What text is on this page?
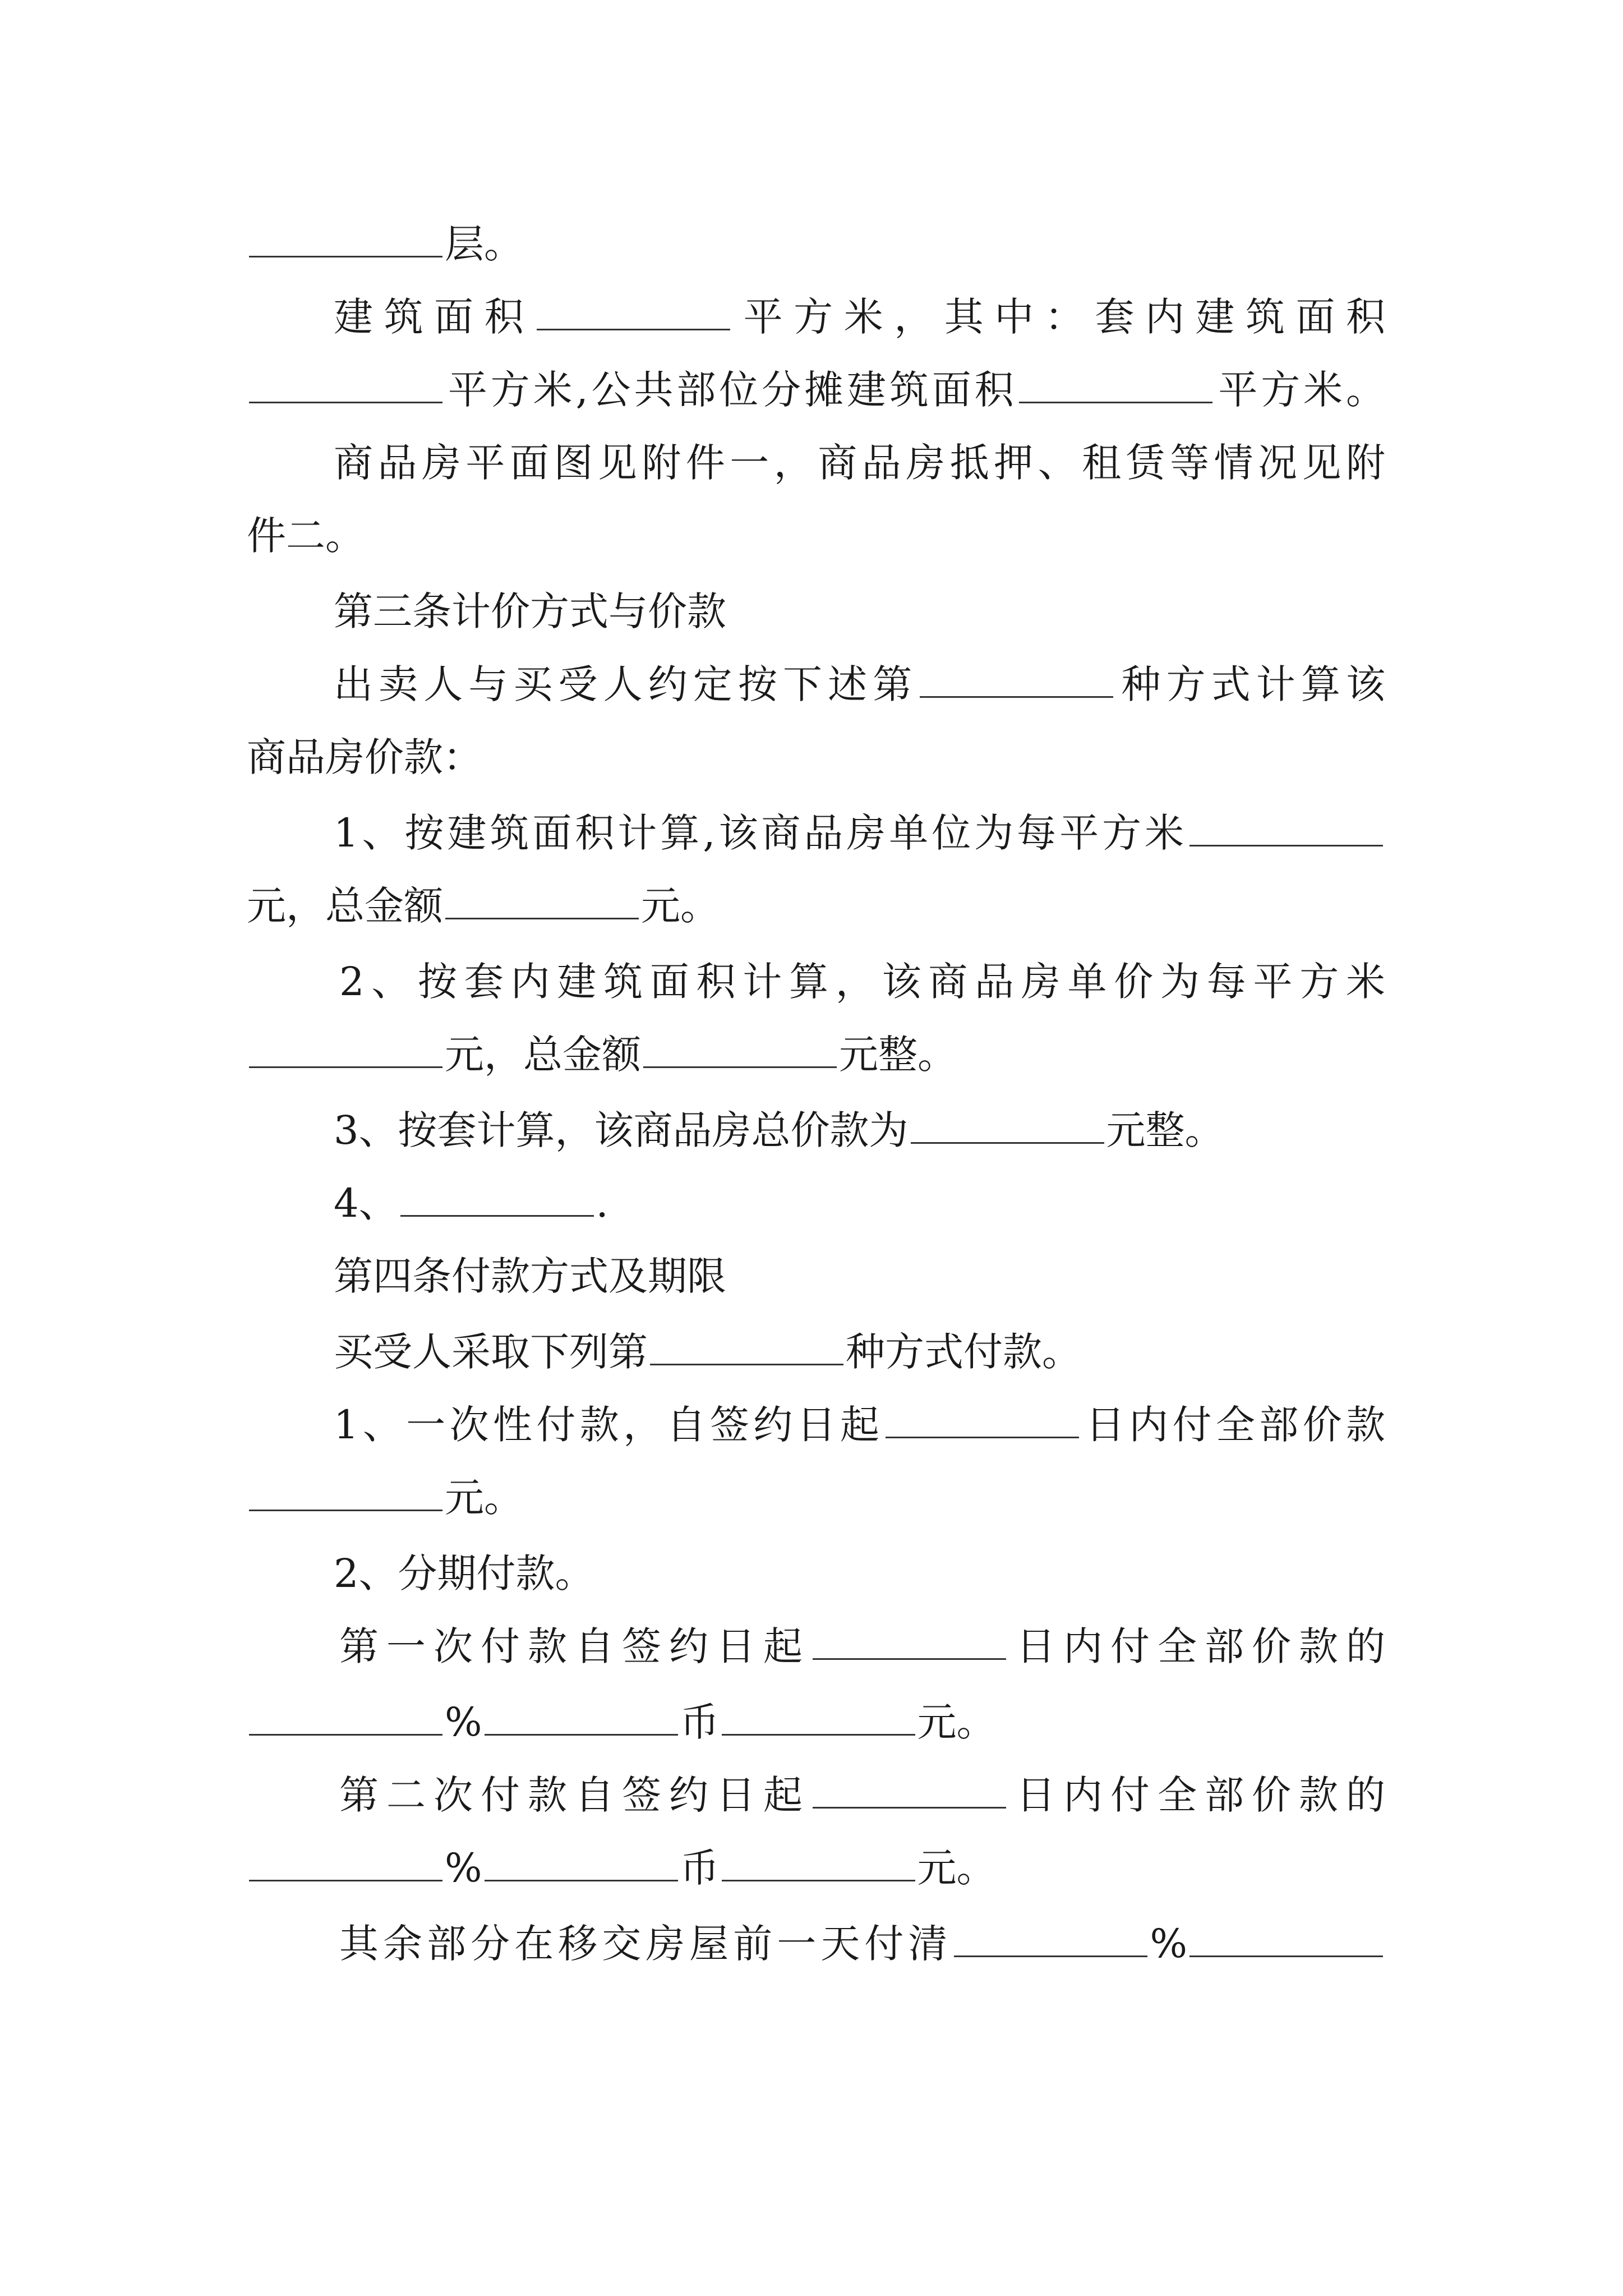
层。
建筑面积	平方米，其中：套内建筑面积
平方米,公共部位分摊建筑面积	平方米。
商品房平面图见附件一，商品房抵押、租赁等情况见附
件二。
第三条计价方式与价款
出卖人与买受人约定按下述第	种方式计算该
商品房价款：
1、按建筑面积计算,该商品房单位为每平方米
元，总金额	元。
2、按套内建筑面积计算，该商品房单价为每平方米
元，总金额	元整。
3、按套计算，该商品房总价款为	元整。
4、	.
第四条付款方式及期限
买受人采取下列第	种方式付款。
1、一次性付款，自签约日起	日内付全部价款
元。
2、分期付款。
第一次付款自签约日起	日内付全部价款的
%	币	元。
第二次付款自签约日起	日内付全部价款的
%	币	元。
其余部分在移交房屋前一天付清	%
